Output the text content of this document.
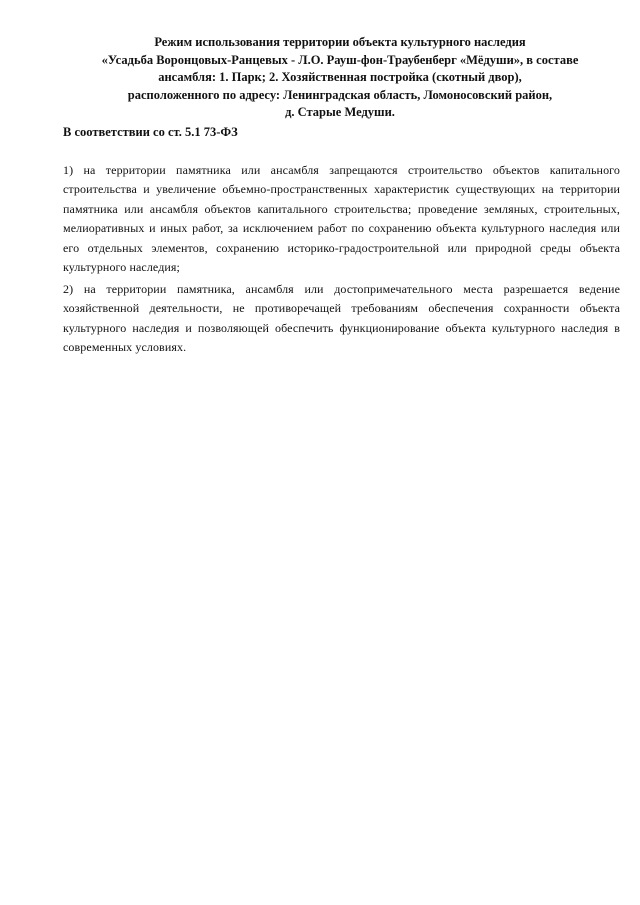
Режим использования территории объекта культурного наследия
«Усадьба Воронцовых-Ранцевых - Л.О. Рауш-фон-Траубенберг «Мёдуши», в составе
ансамбля: 1. Парк; 2. Хозяйственная постройка (скотный двор),
расположенного по адресу: Ленинградская область, Ломоносовский район,
д. Старые Медуши.
В соответствии со ст. 5.1 73-ФЗ

1) на территории памятника или ансамбля запрещаются строительство объектов капитального строительства и увеличение объемно-пространственных характеристик существующих на территории памятника или ансамбля объектов капитального строительства; проведение земляных, строительных, мелиоративных и иных работ, за исключением работ по сохранению объекта культурного наследия или его отдельных элементов, сохранению историко-градостроительной или природной среды объекта культурного наследия;

2) на территории памятника, ансамбля или достопримечательного места разрешается ведение хозяйственной деятельности, не противоречащей требованиям обеспечения сохранности объекта культурного наследия и позволяющей обеспечить функционирование объекта культурного наследия в современных условиях.
